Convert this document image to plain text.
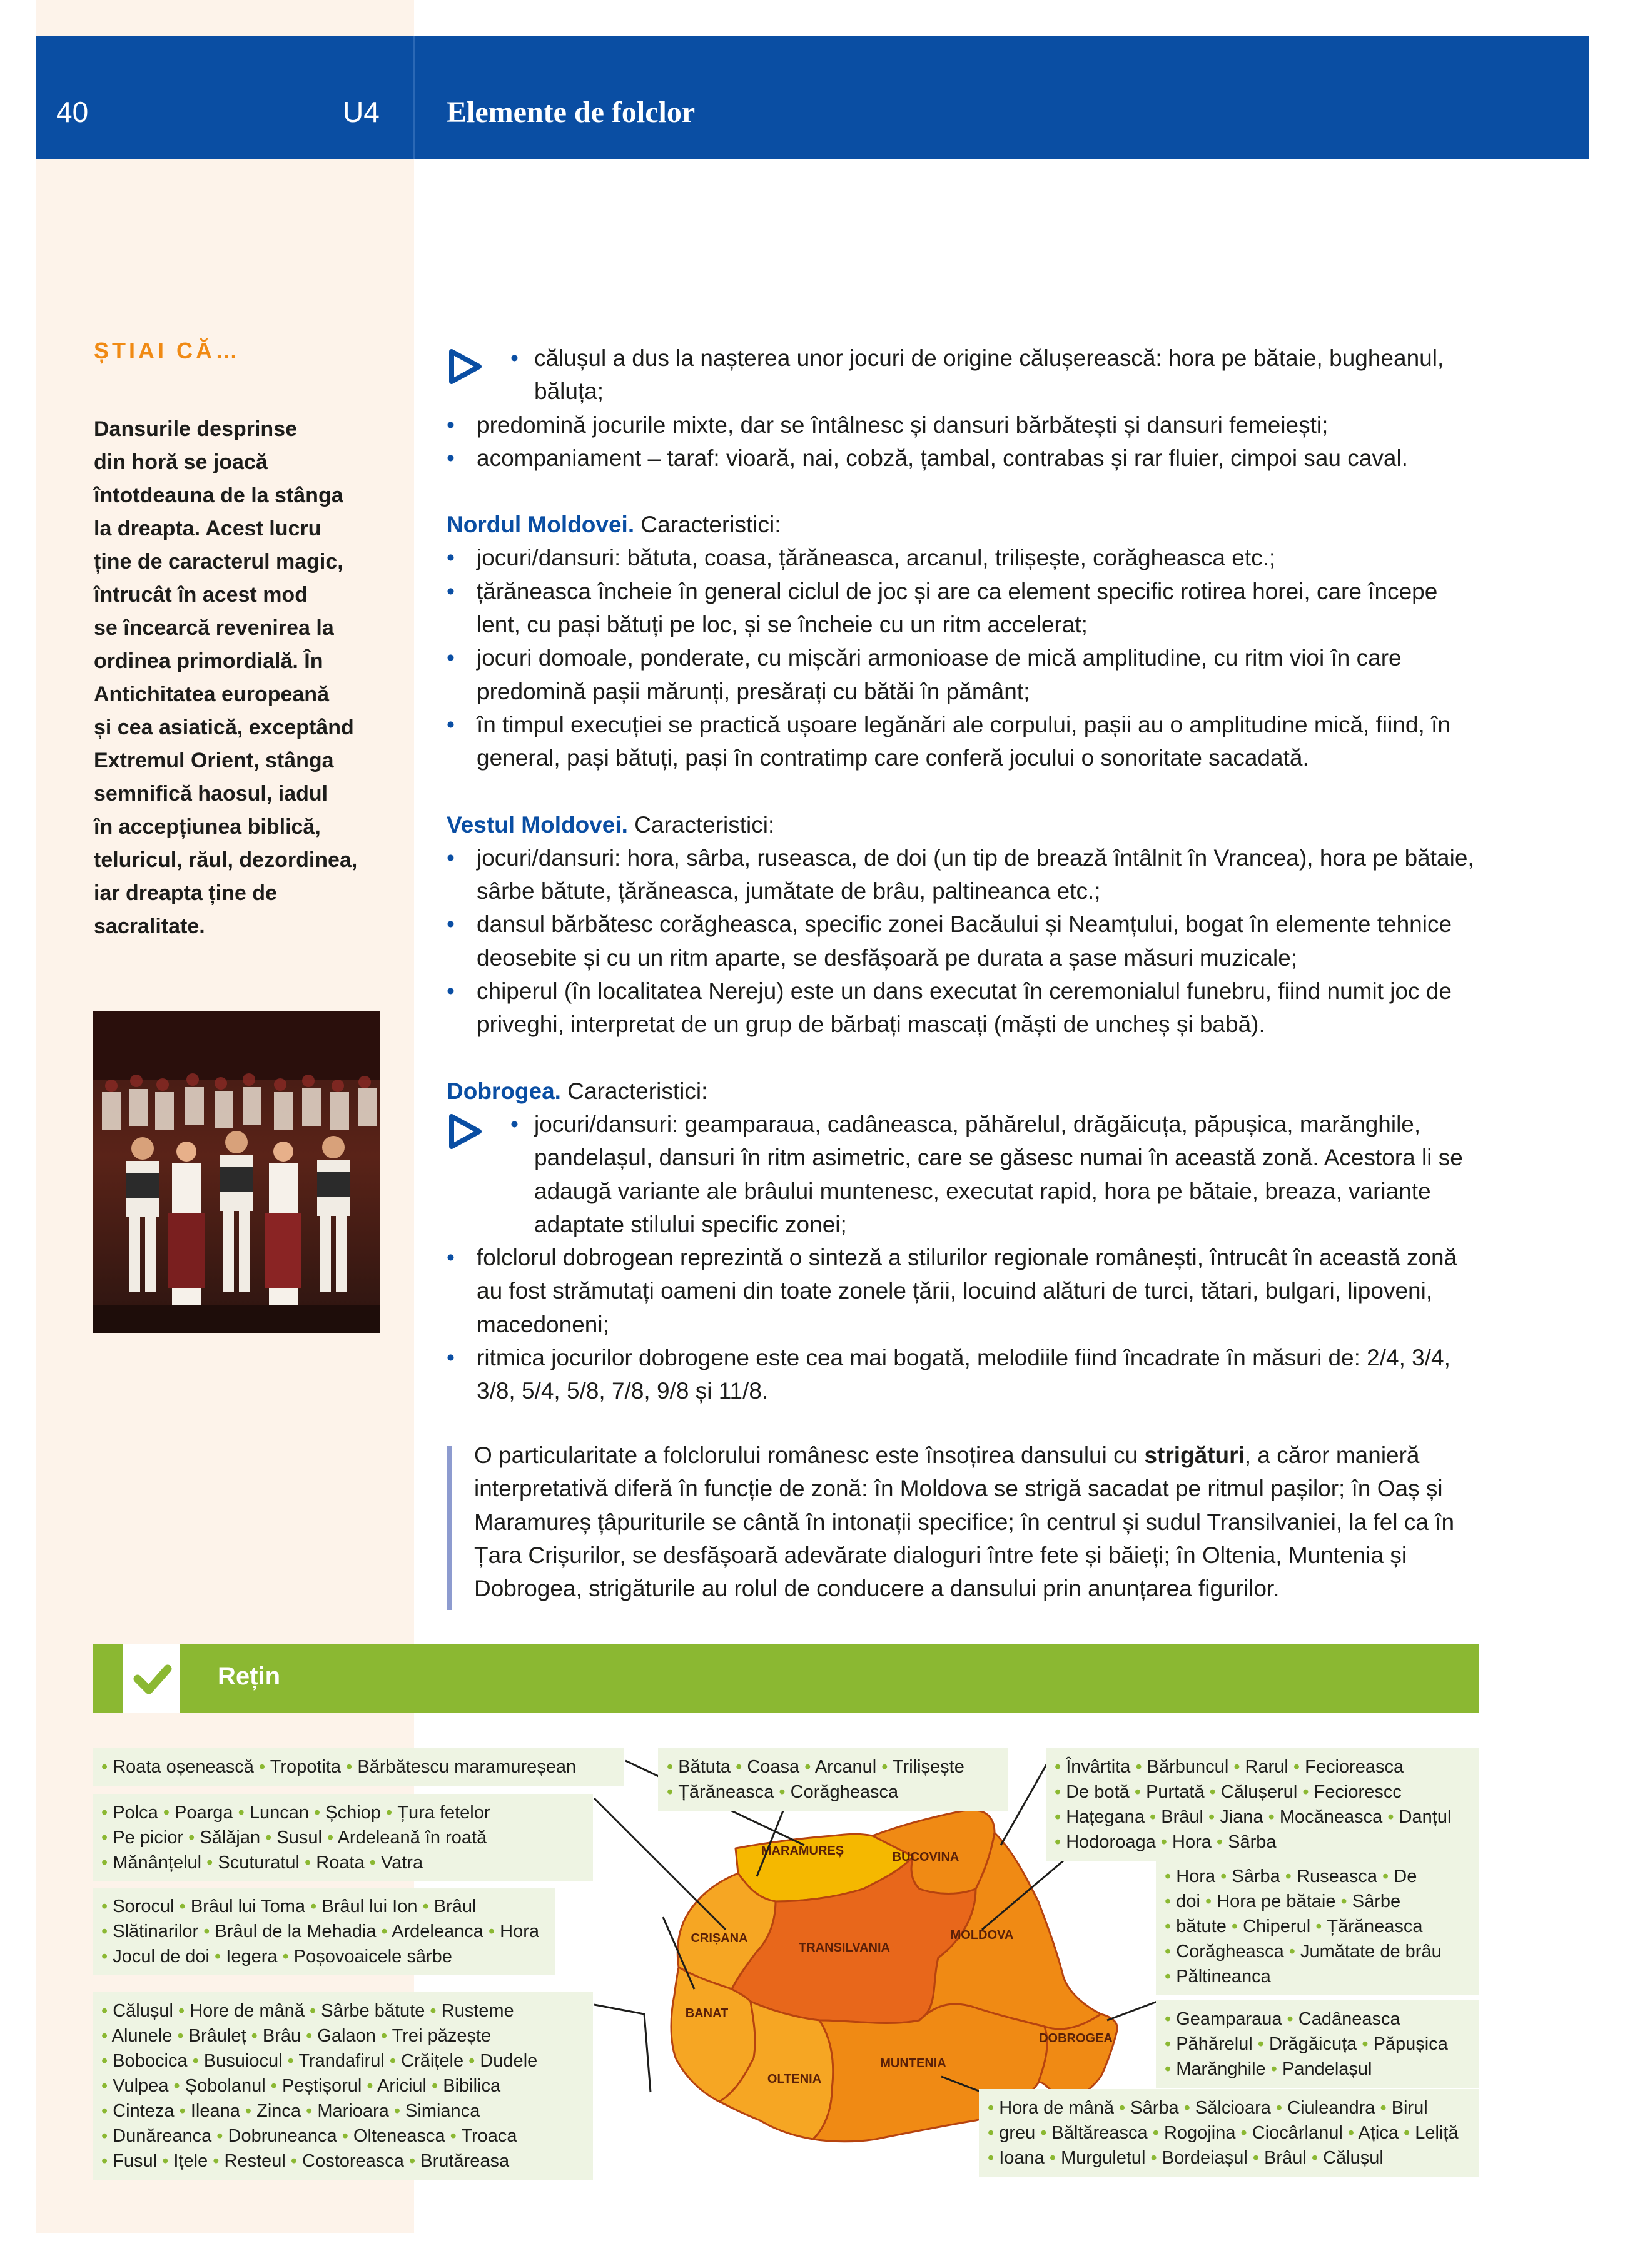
40	U4 Elemente de folclor
ȘTIAI CĂ…
Dansurile desprinse
din horă se joacă
întotdeauna de la stânga
la dreapta. Acest lucru
ține de caracterul magic,
întrucât în acest mod
se încearcă revenirea la
ordinea primordială. În
Antichitatea europeană
și cea asiatică, exceptând
Extremul Orient, stânga
semnifică haosul, iadul
în accepțiunea biblică,
teluricul, răul, dezordinea,
iar dreapta ține de
sacralitate.

• călușul a dus la nașterea unor jocuri de origine călușerească: hora pe bătaie, bugheanul, băluța;

• predomină jocurile mixte, dar se întâlnesc și dansuri bărbătești și dansuri femeiești;

• acompaniament – taraf: vioară, nai, cobză, țambal, contrabas și rar fluier, cimpoi sau caval.

Nordul Moldovei. Caracteristici:

• jocuri/dansuri: bătuta, coasa, țărăneasca, arcanul, trilișește, corăgheasca etc.;

• țărăneasca încheie în general ciclul de joc și are ca element specific rotirea horei, care începe lent, cu pași bătuți pe loc, și se încheie cu un ritm accelerat;

• jocuri domoale, ponderate, cu mișcări armonioase de mică amplitudine, cu ritm vioi în care predomină pașii mărunți, presărați cu bătăi în pământ;

• în timpul execuției se practică ușoare legănări ale corpului, pașii au o amplitudine mică, fiind, în general, pași bătuți, pași în contratimp care conferă jocului o sonoritate sacadată.

Vestul Moldovei. Caracteristici:

• jocuri/dansuri: hora, sârba, ruseasca, de doi (un tip de brează întâlnit în Vrancea), hora pe bătaie, sârbe bătute, țărăneasca, jumătate de brâu, paltineanca etc.;

• dansul bărbătesc corăgheasca, specific zonei Bacăului și Neamțului, bogat în elemente tehnice deosebite și cu un ritm aparte, se desfășoară pe durata a șase măsuri muzicale;

• chiperul (în localitatea Nereju) este un dans executat în ceremonialul funebru, fiind numit joc de priveghi, interpretat de un grup de bărbați mascați (măști de uncheș și babă).

Dobrogea. Caracteristici:

• jocuri/dansuri: geamparaua, cadâneasca, păhărelul, drăgăicuța, păpușica, marănghile, pandelașul, dansuri în ritm asimetric, care se găsesc numai în această zonă. Acestora li se adaugă variante ale brâului muntenesc, executat rapid, hora pe bătaie, breaza, variante adaptate stilului specific zonei;

• folclorul dobrogean reprezintă o sinteză a stilurilor regionale românești, întrucât în această zonă au fost strămutați oameni din toate zonele țării, locuind alături de turci, tătari, bulgari, lipoveni, macedoneni;

• ritmica jocurilor dobrogene este cea mai bogată, melodiile fiind încadrate în măsuri de: 2/4, 3/4, 3/8, 5/4, 5/8, 7/8, 9/8 și 11/8.

O particularitate a folclorului românesc este însoțirea dansului cu strigături, a căror manieră interpretativă diferă în funcție de zonă: în Moldova se strigă sacadat pe ritmul pașilor; în Oaș și Maramureș țâpuriturile se cântă în intonații specifice; în centrul și sudul Transilvaniei, la fel ca în Țara Crișurilor, se desfășoară adevărate dialoguri între fete și băieți; în Oltenia, Muntenia și Dobrogea, strigăturile au rolul de conducere a dansului prin anunțarea figurilor.
Rețin
MARAMUREȘ	BUCOVINA
CRIȘANA
TRANSILVANIA
MOLDOVA
BANAT
DOBROGEA
OLTENIA
MUNTENIA
• Roata oșenească • Tropotita • Bărbătescu maramureșean
• Polca • Poarga • Luncan • Șchiop • Țura fetelor
• Pe picior • Sălăjan • Susul • Ardeleană în roată
• Mănânțelul • Scuturatul • Roata • Vatra
• Sorocul • Brâul lui Toma • Brâul lui Ion • Brâul
• Slătinarilor • Brâul de la Mehadia • Ardeleanca • Hora
• Jocul de doi • Iegera • Poșovoaicele sârbe
• Călușul • Hore de mână • Sârbe bătute • Rusteme
• Alunele • Brâuleț • Brâu • Galaon • Trei păzește
• Bobocica • Busuiocul • Trandafirul • Crăițele • Dudele
• Vulpea • Șobolanul • Peștișorul • Ariciul • Bibilica
• Cinteza • Ileana • Zinca • Marioara • Simianca
• Dunăreanca • Dobruneanca • Olteneasca • Troaca
• Fusul • Ițele • Resteul • Costoreasca • Brutăreasa
• Bătuta • Coasa • Arcanul • Trilișește
• Țărăneasca • Corăgheasca
• Învârtita • Bărbuncul • Rarul • Fecioreasca
• De botă • Purtată • Călușerul • Feciorescc
• Hațegana • Brâul • Jiana • Mocăneasca • Danțul
• Hodoroaga • Hora • Sârba
• Hora • Sârba • Ruseasca • De
• doi • Hora pe bătaie • Sârbe
• bătute • Chiperul • Țărăneasca
• Corăgheasca • Jumătate de brâu
• Păltineanca
• Geamparaua • Cadâneasca
• Păhărelul • Drăgăicuța • Păpușica
• Marănghile • Pandelașul
• Hora de mână • Sârba • Sălcioara • Ciuleandra • Birul
• greu • Băltăreasca • Rogojina • Ciocârlanul • Ațica • Leliță
• Ioana • Murguletul • Bordeiașul • Brâul • Călușul
